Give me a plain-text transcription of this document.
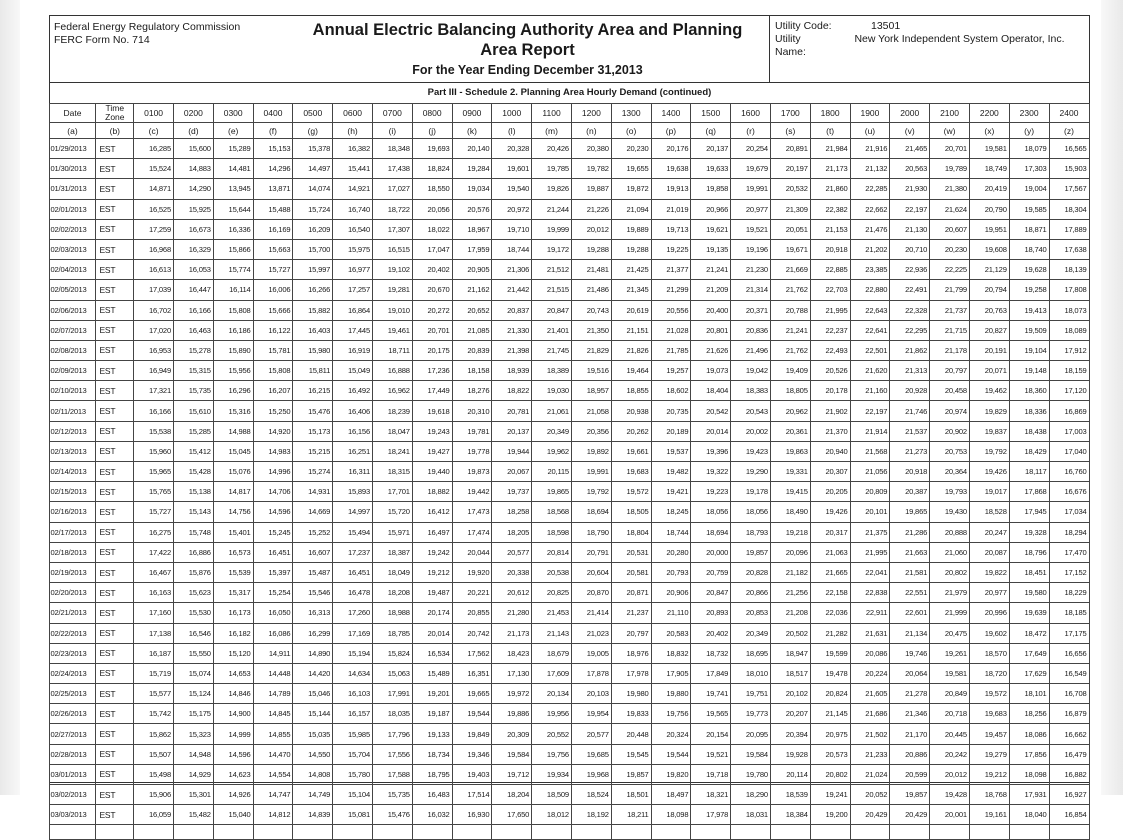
Federal Energy Regulatory Commission
FERC Form No. 714
Annual Electric Balancing Authority Area and Planning
Area Report
For the Year Ending December 31,2013
Utility Code:	13501
Utility Name:
New York Independent System Operator, Inc.
Part III - Schedule 2. Planning Area Hourly Demand (continued)
Date	Time Zone	0100	0200	0300	0400	0500	0600	0700	0800	0900	1000	1100	1200	1300	1400	1500	1600	1700	1800	1900	2000	2100	2200	2300	2400
(a)	(b)	(c)	(d)	(e)	(f)	(g)	(h)	(i)	(j)	(k)	(l)	(m)	(n)	(o)	(p)	(q)	(r)	(s)	(t)	(u)	(v)	(w)	(x)	(y)	(z)
01/29/2013	EST	16,285	15,600	15,289	15,153	15,378	16,382	18,348	19,693	20,140	20,328	20,426	20,380	20,230	20,176	20,137	20,254	20,891	21,984	21,916	21,465	20,701	19,581	18,079	16,565
01/30/2013	EST	15,524	14,883	14,481	14,296	14,497	15,441	17,438	18,824	19,284	19,601	19,785	19,782	19,655	19,638	19,633	19,679	20,197	21,173	21,132	20,563	19,789	18,749	17,303	15,903
01/31/2013	EST	14,871	14,290	13,945	13,871	14,074	14,921	17,027	18,550	19,034	19,540	19,826	19,887	19,872	19,913	19,858	19,991	20,532	21,860	22,285	21,930	21,380	20,419	19,004	17,567
02/01/2013	EST	16,525	15,925	15,644	15,488	15,724	16,740	18,722	20,056	20,576	20,972	21,244	21,226	21,094	21,019	20,966	20,977	21,309	22,382	22,662	22,197	21,624	20,790	19,585	18,304
02/02/2013	EST	17,259	16,673	16,336	16,169	16,209	16,540	17,307	18,022	18,967	19,710	19,999	20,012	19,889	19,713	19,621	19,521	20,051	21,153	21,476	21,130	20,607	19,951	18,871	17,889
02/03/2013	EST	16,968	16,329	15,866	15,663	15,700	15,975	16,515	17,047	17,959	18,744	19,172	19,288	19,288	19,225	19,135	19,196	19,671	20,918	21,202	20,710	20,230	19,608	18,740	17,638
02/04/2013	EST	16,613	16,053	15,774	15,727	15,997	16,977	19,102	20,402	20,905	21,306	21,512	21,481	21,425	21,377	21,241	21,230	21,669	22,885	23,385	22,936	22,225	21,129	19,628	18,139
02/05/2013	EST	17,039	16,447	16,114	16,006	16,266	17,257	19,281	20,670	21,162	21,442	21,515	21,486	21,345	21,299	21,209	21,314	21,762	22,703	22,880	22,491	21,799	20,794	19,258	17,808
02/06/2013	EST	16,702	16,166	15,808	15,666	15,882	16,864	19,010	20,272	20,652	20,837	20,847	20,743	20,619	20,556	20,400	20,371	20,788	21,995	22,643	22,328	21,737	20,763	19,413	18,073
02/07/2013	EST	17,020	16,463	16,186	16,122	16,403	17,445	19,461	20,701	21,085	21,330	21,401	21,350	21,151	21,028	20,801	20,836	21,241	22,237	22,641	22,295	21,715	20,827	19,509	18,089
02/08/2013	EST	16,953	15,278	15,890	15,781	15,980	16,919	18,711	20,175	20,839	21,398	21,745	21,829	21,826	21,785	21,626	21,496	21,762	22,493	22,501	21,862	21,178	20,191	19,104	17,912
02/09/2013	EST	16,949	15,315	15,956	15,808	15,811	15,049	16,888	17,236	18,158	18,939	18,389	19,516	19,464	19,257	19,073	19,042	19,409	20,526	21,620	21,313	20,797	20,071	19,148	18,159
02/10/2013	EST	17,321	15,735	16,296	16,207	16,215	16,492	16,962	17,449	18,276	18,822	19,030	18,957	18,855	18,602	18,404	18,383	18,805	20,178	21,160	20,928	20,458	19,462	18,360	17,120
02/11/2013	EST	16,166	15,610	15,316	15,250	15,476	16,406	18,239	19,618	20,310	20,781	21,061	21,058	20,938	20,735	20,542	20,543	20,962	21,902	22,197	21,746	20,974	19,829	18,336	16,869
02/12/2013	EST	15,538	15,285	14,988	14,920	15,173	16,156	18,047	19,243	19,781	20,137	20,349	20,356	20,262	20,189	20,014	20,002	20,361	21,370	21,914	21,537	20,902	19,837	18,438	17,003
02/13/2013	EST	15,960	15,412	15,045	14,983	15,215	16,251	18,241	19,427	19,778	19,944	19,962	19,892	19,661	19,537	19,396	19,423	19,863	20,940	21,568	21,273	20,753	19,792	18,429	17,040
02/14/2013	EST	15,965	15,428	15,076	14,996	15,274	16,311	18,315	19,440	19,873	20,067	20,115	19,991	19,683	19,482	19,322	19,290	19,331	20,307	21,056	20,918	20,364	19,426	18,117	16,760
02/15/2013	EST	15,765	15,138	14,817	14,706	14,931	15,893	17,701	18,882	19,442	19,737	19,865	19,792	19,572	19,421	19,223	19,178	19,415	20,205	20,809	20,387	19,793	19,017	17,868	16,676
02/16/2013	EST	15,727	15,143	14,756	14,596	14,669	14,997	15,720	16,412	17,473	18,258	18,568	18,694	18,505	18,245	18,056	18,056	18,490	19,426	20,101	19,865	19,430	18,528	17,945	17,034
02/17/2013	EST	16,275	15,748	15,401	15,245	15,252	15,494	15,971	16,497	17,474	18,205	18,598	18,790	18,804	18,744	18,694	18,793	19,218	20,317	21,375	21,286	20,888	20,247	19,328	18,294
02/18/2013	EST	17,422	16,886	16,573	16,451	16,607	17,237	18,387	19,242	20,044	20,577	20,814	20,791	20,531	20,280	20,000	19,857	20,096	21,063	21,995	21,663	21,060	20,087	18,796	17,470
02/19/2013	EST	16,467	15,876	15,539	15,397	15,487	16,451	18,049	19,212	19,920	20,338	20,538	20,604	20,581	20,793	20,759	20,828	21,182	21,665	22,041	21,581	20,802	19,822	18,451	17,152
02/20/2013	EST	16,163	15,623	15,317	15,254	15,546	16,478	18,208	19,487	20,221	20,612	20,825	20,870	20,871	20,906	20,847	20,866	21,256	22,158	22,838	22,551	21,979	20,977	19,580	18,229
02/21/2013	EST	17,160	15,530	16,173	16,050	16,313	17,260	18,988	20,174	20,855	21,280	21,453	21,414	21,237	21,110	20,893	20,853	21,208	22,036	22,911	22,601	21,999	20,996	19,639	18,185
02/22/2013	EST	17,138	16,546	16,182	16,086	16,299	17,169	18,785	20,014	20,742	21,173	21,143	21,023	20,797	20,583	20,402	20,349	20,502	21,282	21,631	21,134	20,475	19,602	18,472	17,175
02/23/2013	EST	16,187	15,550	15,120	14,911	14,890	15,194	15,824	16,534	17,562	18,423	18,679	19,005	18,976	18,832	18,732	18,695	18,947	19,599	20,086	19,746	19,261	18,570	17,649	16,656
02/24/2013	EST	15,719	15,074	14,653	14,448	14,420	14,634	15,063	15,489	16,351	17,130	17,609	17,878	17,978	17,905	17,849	18,010	18,517	19,478	20,224	20,064	19,581	18,720	17,629	16,549
02/25/2013	EST	15,577	15,124	14,846	14,789	15,046	16,103	17,991	19,201	19,665	19,972	20,134	20,103	19,980	19,880	19,741	19,751	20,102	20,824	21,605	21,278	20,849	19,572	18,101	16,708
02/26/2013	EST	15,742	15,175	14,900	14,845	15,144	16,157	18,035	19,187	19,544	19,886	19,956	19,954	19,833	19,756	19,565	19,773	20,207	21,145	21,686	21,346	20,718	19,683	18,256	16,879
02/27/2013	EST	15,862	15,323	14,999	14,855	15,035	15,985	17,796	19,133	19,849	20,309	20,552	20,577	20,448	20,324	20,154	20,095	20,394	20,975	21,502	21,170	20,445	19,457	18,086	16,662
02/28/2013	EST	15,507	14,948	14,596	14,470	14,550	15,704	17,556	18,734	19,346	19,584	19,756	19,685	19,545	19,544	19,521	19,584	19,928	20,573	21,233	20,886	20,242	19,279	17,856	16,479
03/01/2013	EST	15,498	14,929	14,623	14,554	14,808	15,780	17,588	18,795	19,403	19,712	19,934	19,968	19,857	19,820	19,718	19,780	20,114	20,802	21,024	20,599	20,012	19,212	18,098	16,882
03/02/2013	EST	15,906	15,301	14,926	14,747	14,749	15,104	15,735	16,483	17,514	18,204	18,509	18,524	18,501	18,497	18,321	18,290	18,539	19,241	20,052	19,857	19,428	18,768	17,931	16,927
03/03/2013	EST	16,059	15,482	15,040	14,812	14,839	15,081	15,476	16,032	16,930	17,650	18,012	18,192	18,211	18,098	17,978	18,031	18,384	19,200	20,429	20,429	20,001	19,161	18,040	16,854
